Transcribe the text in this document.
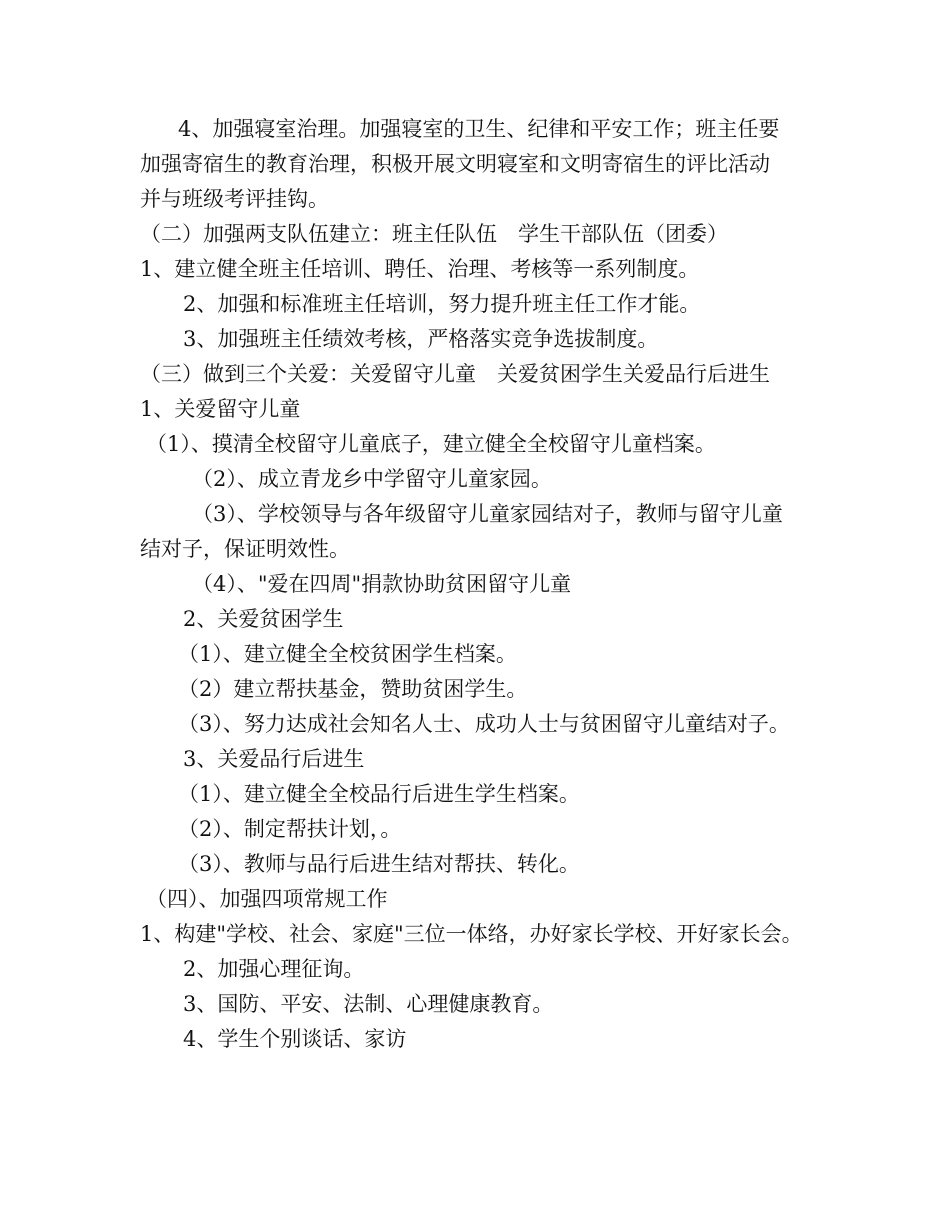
4、加强寝室治理。加强寝室的卫生、纪律和平安工作；班主任要
加强寄宿生的教育治理，积极开展文明寝室和文明寄宿生的评比活动
并与班级考评挂钩。
（二）加强两支队伍建立：班主任队伍　学生干部队伍（团委）
1、建立健全班主任培训、聘任、治理、考核等一系列制度。
2、加强和标准班主任培训，努力提升班主任工作才能。
3、加强班主任绩效考核，严格落实竞争选拔制度。
（三）做到三个关爱：关爱留守儿童　关爱贫困学生关爱品行后进生
1、关爱留守儿童
（1）、摸清全校留守儿童底子，建立健全全校留守儿童档案。
（2）、成立青龙乡中学留守儿童家园。
（3）、学校领导与各年级留守儿童家园结对子，教师与留守儿童
结对子，保证明效性。
（4）、"爱在四周"捐款协助贫困留守儿童
2、关爱贫困学生
（1）、建立健全全校贫困学生档案。
（2）建立帮扶基金，赞助贫困学生。
（3）、努力达成社会知名人士、成功人士与贫困留守儿童结对子。
3、关爱品行后进生
（1）、建立健全全校品行后进生学生档案。
（2）、制定帮扶计划，。
（3）、教师与品行后进生结对帮扶、转化。
（四）、加强四项常规工作
1、构建"学校、社会、家庭"三位一体络，办好家长学校、开好家长会。
2、加强心理征询。
3、国防、平安、法制、心理健康教育。
4、学生个别谈话、家访
